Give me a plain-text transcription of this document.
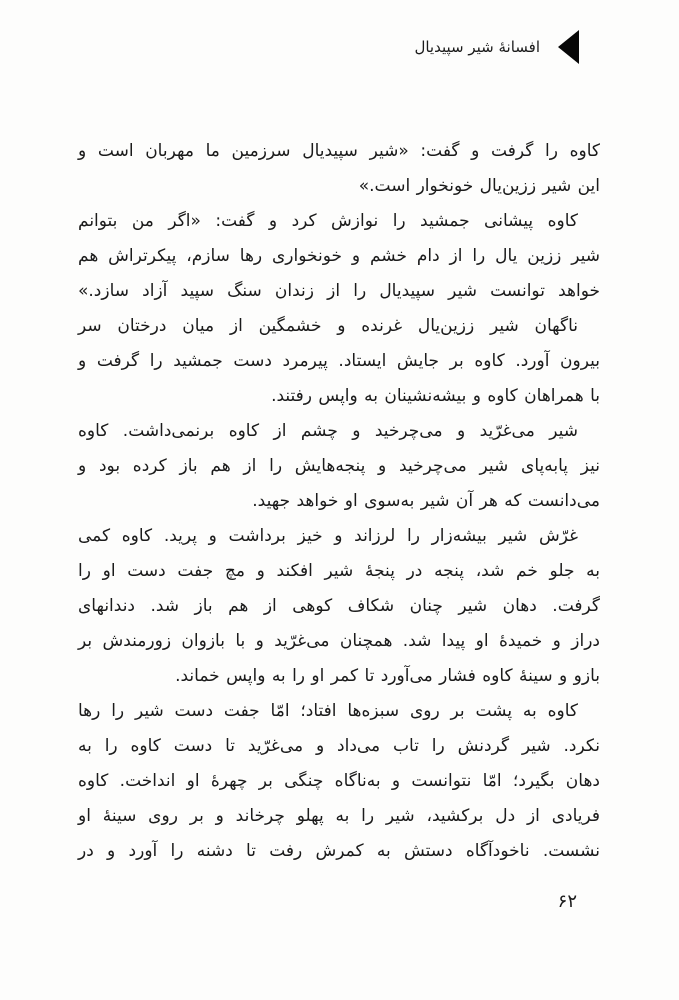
افسانهٔ شیر سپیدیال
کاوه را گرفت و گفت: «شیر سپیدیال سرزمین ما مهربان است و
این شیر ززین‌یال خونخوار است.»
کاوه پیشانی جمشید را نوازش کرد و گفت: «اگر من بتوانم
شیر ززین یال را از دام خشم و خونخواری رها سازم، پیکرتراش هم
خواهد توانست شیر سپیدیال را از زندان سنگ سپید آزاد سازد.»
ناگهان شیر ززین‌یال غرنده و خشمگین از میان درختان سر
بیرون آورد. کاوه بر جایش ایستاد. پیرمرد دست جمشید را گرفت و
با همراهان کاوه و بیشه‌نشینان به واپس رفتند.
شیر می‌غرّید و می‌چرخید و چشم از کاوه برنمی‌داشت. کاوه
نیز پابه‌پای شیر می‌چرخید و پنجه‌هایش را از هم باز کرده بود و
می‌دانست که هر آن شیر به‌سوی او خواهد جهید.
غرّش شیر بیشه‌زار را لرزاند و خیز برداشت و پرید. کاوه کمی
به جلو خم شد، پنجه در پنجهٔ شیر افکند و مچ جفت دست او را
گرفت. دهان شیر چنان شکاف کوهی از هم باز شد. دندانهای
دراز و خمیدهٔ او پیدا شد. همچنان می‌غرّید و با بازوان زورمندش بر
بازو و سینهٔ کاوه فشار می‌آورد تا کمر او را به واپس خماند.
کاوه به پشت بر روی سبزه‌ها افتاد؛ امّا جفت دست شیر را رها
نکرد. شیر گردنش را تاب می‌داد و می‌غرّید تا دست کاوه را به
دهان بگیرد؛ امّا نتوانست و به‌ناگاه چنگی بر چهرهٔ او انداخت. کاوه
فریادی از دل برکشید، شیر را به پهلو چرخاند و بر روی سینهٔ او
نشست. ناخودآگاه دستش به کمرش رفت تا دشنه را آورد و در
۶۲
